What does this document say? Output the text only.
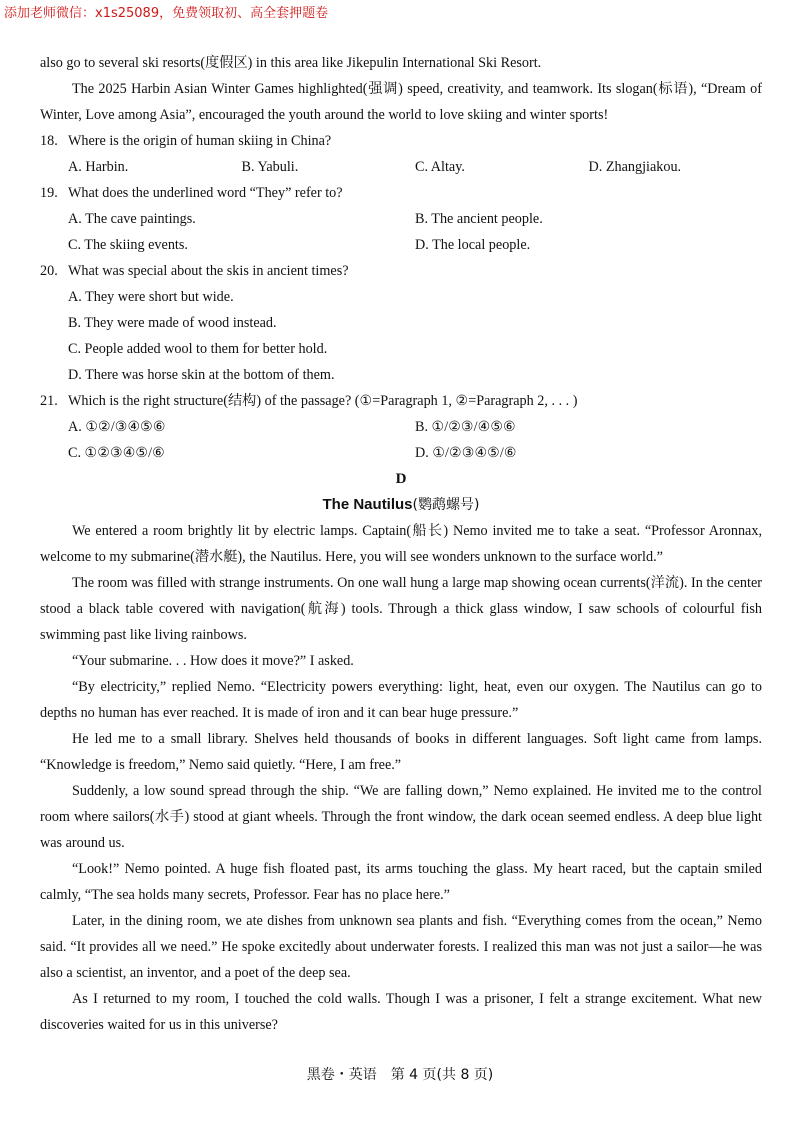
添加老师微信：x1s25089，免费领取初、高全套押题卷

also go to several ski resorts(度假区) in this area like Jikepulin International Ski Resort.

The 2025 Harbin Asian Winter Games highlighted(强调) speed, creativity, and teamwork. Its slogan(标语), “Dream of Winter, Love among Asia”, encouraged the youth around the world to love skiing and winter sports!

18. Where is the origin of human skiing in China?

A. Harbin.	B. Yabuli.	C. Altay.	D. Zhangjiakou.

19. What does the underlined word “They” refer to?

A. The cave paintings.	B. The ancient people.
C. The skiing events.	D. The local people.

20. What was special about the skis in ancient times?

A. They were short but wide.
B. They were made of wood instead.
C. People added wool to them for better hold.
D. There was horse skin at the bottom of them.

21. Which is the right structure(结构) of the passage? (①=Paragraph 1, ②=Paragraph 2, . . . )

A. ①②/③④⑤⑥	B. ①/②③/④⑤⑥
C. ①②③④⑤/⑥	D. ①/②③④⑤/⑥

D

The Nautilus(鹦鹉螺号)

We entered a room brightly lit by electric lamps. Captain(船长) Nemo invited me to take a seat. “Professor Aronnax, welcome to my submarine(潜水艇), the Nautilus. Here, you will see wonders unknown to the surface world.”

The room was filled with strange instruments. On one wall hung a large map showing ocean currents(洋流). In the center stood a black table covered with navigation(航海) tools. Through a thick glass window, I saw schools of colourful fish swimming past like living rainbows.

“Your submarine. . . How does it move?” I asked.

“By electricity,” replied Nemo. “Electricity powers everything: light, heat, even our oxygen. The Nautilus can go to depths no human has ever reached. It is made of iron and it can bear huge pressure.”

He led me to a small library. Shelves held thousands of books in different languages. Soft light came from lamps. “Knowledge is freedom,” Nemo said quietly. “Here, I am free.”

Suddenly, a low sound spread through the ship. “We are falling down,” Nemo explained. He invited me to the control room where sailors(水手) stood at giant wheels. Through the front window, the dark ocean seemed endless. A deep blue light was around us.

“Look!” Nemo pointed. A huge fish floated past, its arms touching the glass. My heart raced, but the captain smiled calmly, “The sea holds many secrets, Professor. Fear has no place here.”

Later, in the dining room, we ate dishes from unknown sea plants and fish. “Everything comes from the ocean,” Nemo said. “It provides all we need.” He spoke excitedly about underwater forests. I realized this man was not just a sailor—he was also a scientist, an inventor, and a poet of the deep sea.

As I returned to my room, I touched the cold walls. Though I was a prisoner, I felt a strange excitement. What new discoveries waited for us in this universe?

黑卷・英语　第 4 页(共 8 页)
